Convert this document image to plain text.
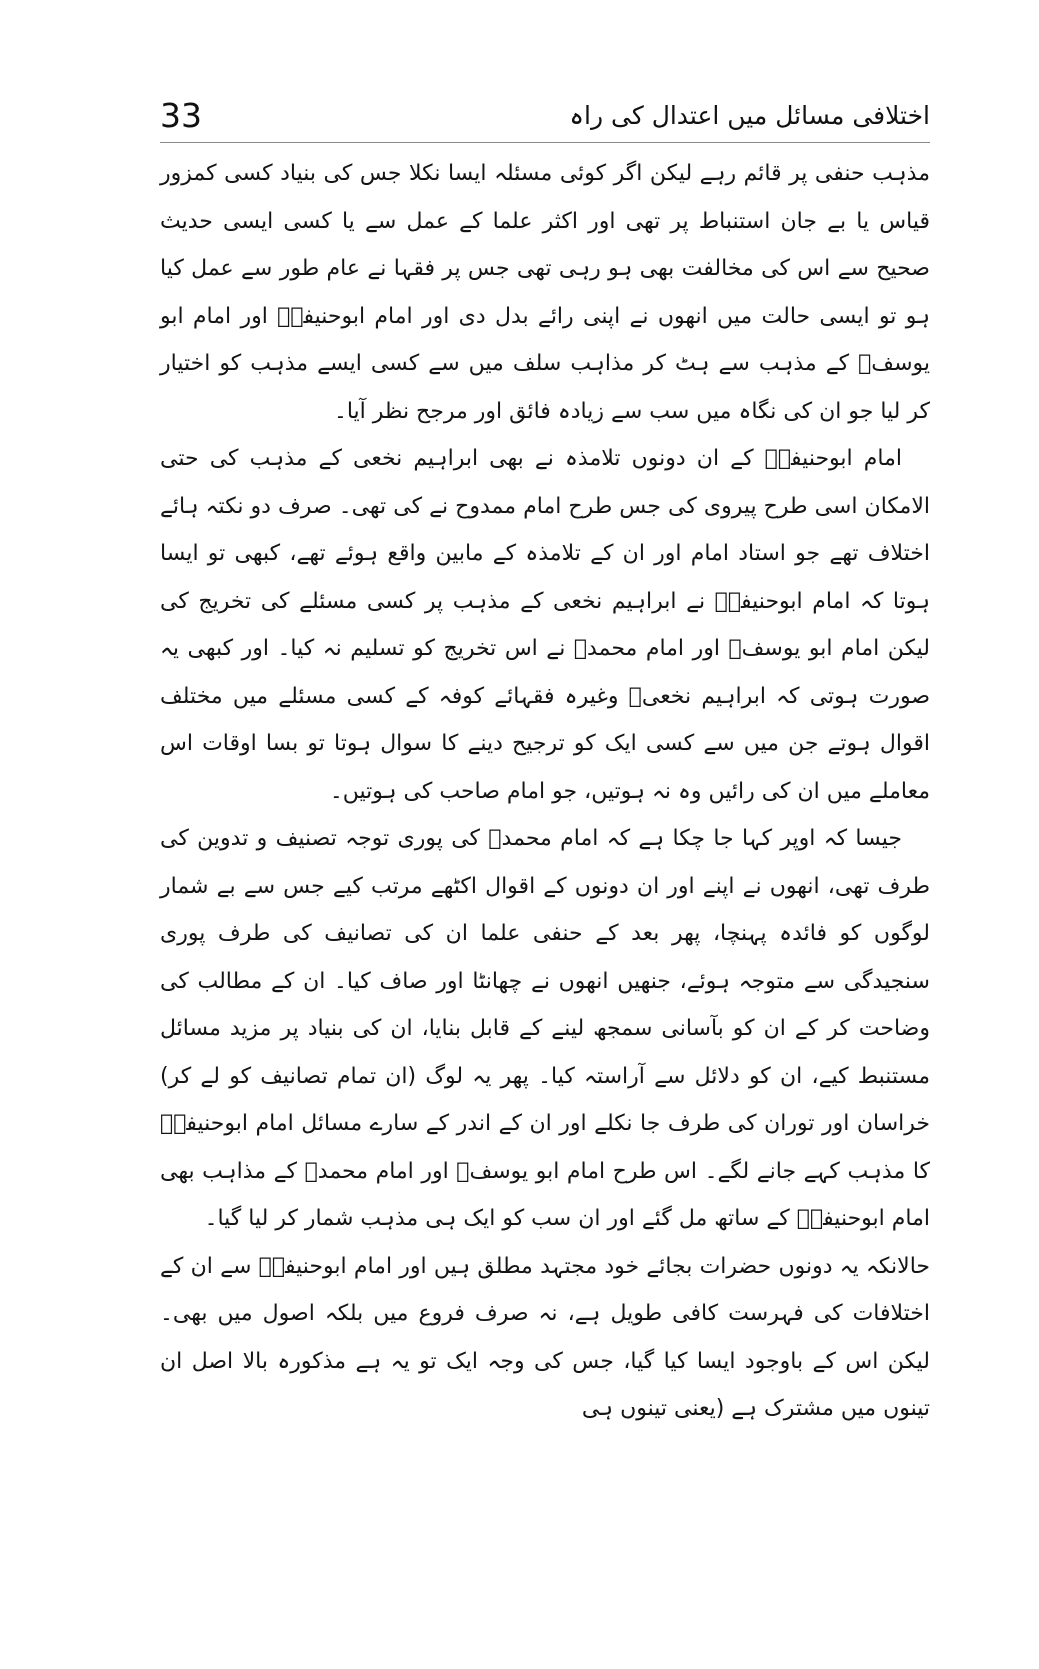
33	اختلافی مسائل میں اعتدال کی راہ

مذہب حنفی پر قائم رہے لیکن اگر کوئی مسئلہ ایسا نکلا جس کی بنیاد کسی کمزور قیاس یا بے جان استنباط پر تھی اور اکثر علما کے عمل سے یا کسی ایسی حدیث صحیح سے اس کی مخالفت بھی ہو رہی تھی جس پر فقہا نے عام طور سے عمل کیا ہو تو ایسی حالت میں انھوں نے اپنی رائے بدل دی اور امام ابوحنیفہؒ اور امام ابو یوسفؒ کے مذہب سے ہٹ کر مذاہب سلف میں سے کسی ایسے مذہب کو اختیار کر لیا جو ان کی نگاہ میں سب سے زیادہ فائق اور مرجح نظر آیا۔

امام ابوحنیفہؒ کے ان دونوں تلامذہ نے بھی ابراہیم نخعی کے مذہب کی حتی الامکان اسی طرح پیروی کی جس طرح امام ممدوح نے کی تھی۔ صرف دو نکتہ ہائے اختلاف تھے جو استاد امام اور ان کے تلامذہ کے مابین واقع ہوئے تھے، کبھی تو ایسا ہوتا کہ امام ابوحنیفہؒ نے ابراہیم نخعی کے مذہب پر کسی مسئلے کی تخریج کی لیکن امام ابو یوسفؒ اور امام محمدؒ نے اس تخریج کو تسلیم نہ کیا۔ اور کبھی یہ صورت ہوتی کہ ابراہیم نخعیؒ وغیرہ فقہائے کوفہ کے کسی مسئلے میں مختلف اقوال ہوتے جن میں سے کسی ایک کو ترجیح دینے کا سوال ہوتا تو بسا اوقات اس معاملے میں ان کی رائیں وہ نہ ہوتیں، جو امام صاحب کی ہوتیں۔

جیسا کہ اوپر کہا جا چکا ہے کہ امام محمدؒ کی پوری توجہ تصنیف و تدوین کی طرف تھی، انھوں نے اپنے اور ان دونوں کے اقوال اکٹھے مرتب کیے جس سے بے شمار لوگوں کو فائدہ پہنچا، پھر بعد کے حنفی علما ان کی تصانیف کی طرف پوری سنجیدگی سے متوجہ ہوئے، جنھیں انھوں نے چھانٹا اور صاف کیا۔ ان کے مطالب کی وضاحت کر کے ان کو بآسانی سمجھ لینے کے قابل بنایا، ان کی بنیاد پر مزید مسائل مستنبط کیے، ان کو دلائل سے آراستہ کیا۔ پھر یہ لوگ (ان تمام تصانیف کو لے کر) خراسان اور توران کی طرف جا نکلے اور ان کے اندر کے سارے مسائل امام ابوحنیفہؒ کا مذہب کہے جانے لگے۔ اس طرح امام ابو یوسفؒ اور امام محمدؒ کے مذاہب بھی امام ابوحنیفہؒ کے ساتھ مل گئے اور ان سب کو ایک ہی مذہب شمار کر لیا گیا۔

حالانکہ یہ دونوں حضرات بجائے خود مجتہد مطلق ہیں اور امام ابوحنیفہؒ سے ان کے اختلافات کی فہرست کافی طویل ہے، نہ صرف فروع میں بلکہ اصول میں بھی۔ لیکن اس کے باوجود ایسا کیا گیا، جس کی وجہ ایک تو یہ ہے مذکورہ بالا اصل ان تینوں میں مشترک ہے (یعنی تینوں ہی
